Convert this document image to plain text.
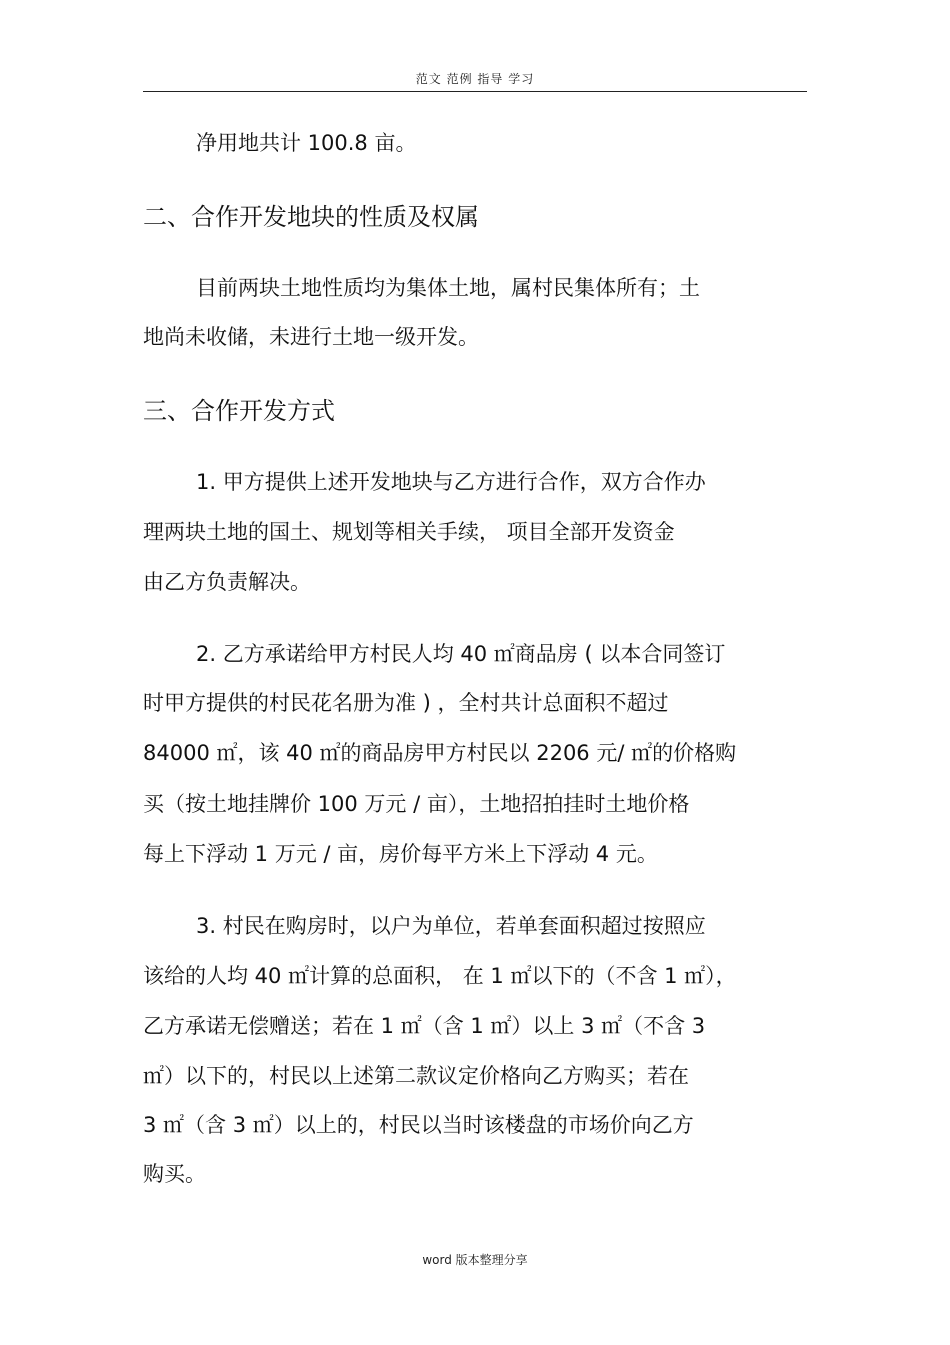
范文 范例 指导 学习
净用地共计 100.8 亩。
二、合作开发地块的性质及权属
目前两块土地性质均为集体土地，属村民集体所有；土
地尚未收储，未进行土地一级开发。
三、合作开发方式
1. 甲方提供上述开发地块与乙方进行合作，双方合作办
理两块土地的国土、规划等相关手续， 项目全部开发资金
由乙方负责解决。
2. 乙方承诺给甲方村民人均 40 ㎡商品房 ( 以本合同签订
时甲方提供的村民花名册为准 ) ，全村共计总面积不超过
84000 ㎡，该 40 ㎡的商品房甲方村民以 2206 元/ ㎡的价格购
买（按土地挂牌价 100 万元 / 亩），土地招拍挂时土地价格
每上下浮动 1 万元 / 亩，房价每平方米上下浮动 4 元。
3. 村民在购房时，以户为单位，若单套面积超过按照应
该给的人均 40 ㎡计算的总面积， 在 1 ㎡以下的（不含 1 ㎡），
乙方承诺无偿赠送；若在 1 ㎡（含 1 ㎡）以上 3 ㎡（不含 3
㎡）以下的，村民以上述第二款议定价格向乙方购买；若在
3 ㎡（含 3 ㎡）以上的，村民以当时该楼盘的市场价向乙方
购买。
word 版本整理分享
